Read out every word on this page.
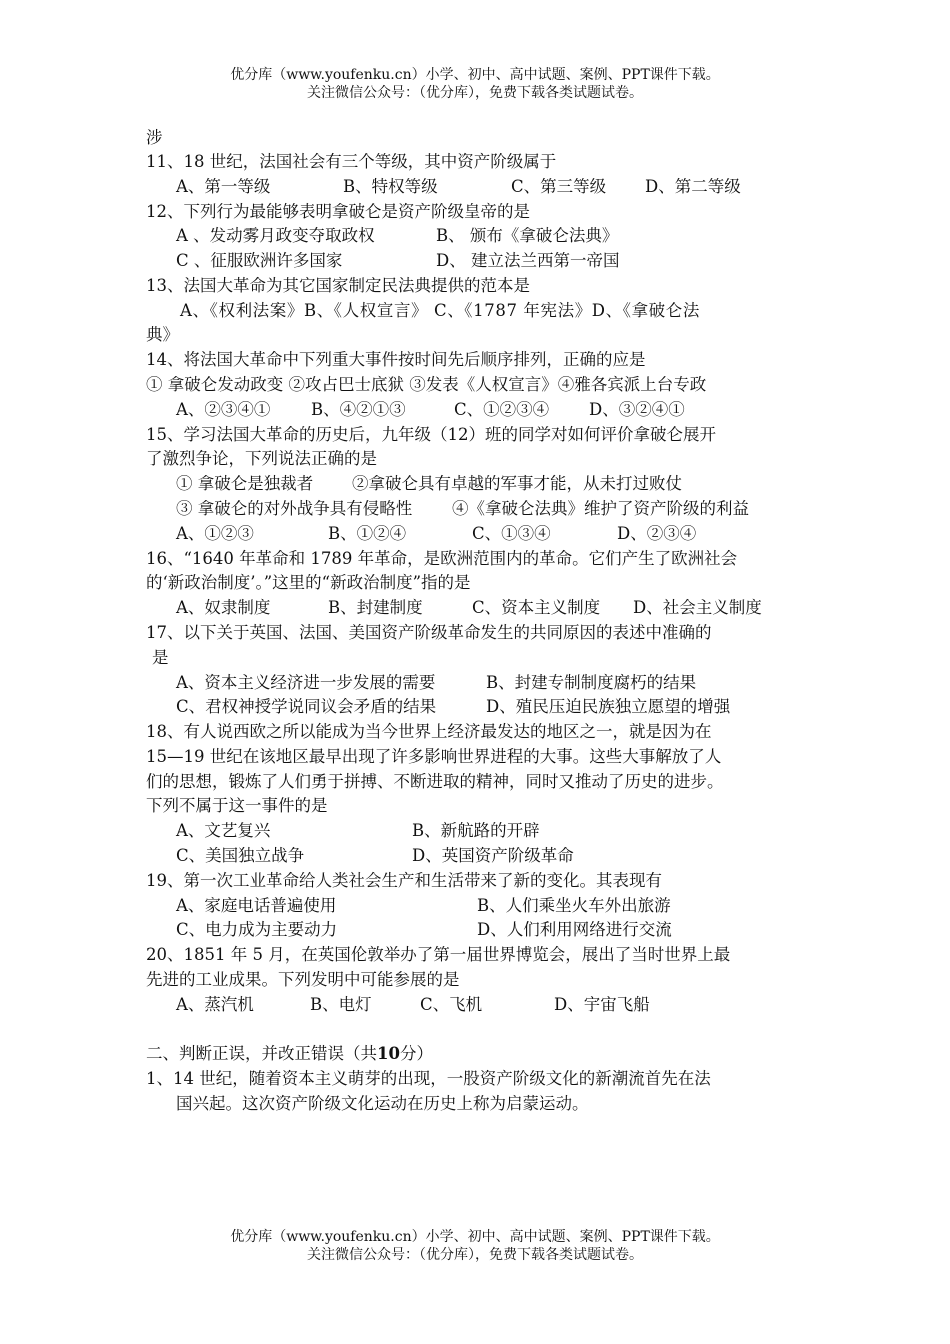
优分库（www.youfenku.cn）小学、初中、高中试题、案例、PPT课件下载。
关注微信公众号：（优分库），免费下载各类试题试卷。
涉
11、18 世纪，法国社会有三个等级，其中资产阶级属于
A、第一等级	B、特权等级	C、第三等级 D、第二等级
12、下列行为最能够表明拿破仑是资产阶级皇帝的是
A 、发动雾月政变夺取政权	B、 颁布《拿破仑法典》
C 、征服欧洲许多国家	D、 建立法兰西第一帝国
13、法国大革命为其它国家制定民法典提供的范本是
A、《权利法案》B、《人权宣言》 C、《1787 年宪法》D、《拿破仑法
典》
14、将法国大革命中下列重大事件按时间先后顺序排列，正确的应是
① 拿破仑发动政变 ②攻占巴士底狱 ③发表《人权宣言》④雅各宾派上台专政
A、②③④① B、④②①③	C、①②③④ D、③②④①
15、学习法国大革命的历史后，九年级（12）班的同学对如何评价拿破仑展开
了激烈争论，下列说法正确的是
① 拿破仑是独裁者 ②拿破仑具有卓越的军事才能，从未打过败仗
③ 拿破仑的对外战争具有侵略性 ④《拿破仑法典》维护了资产阶级的利益
A、①②③	B、①②④	C、①③④	D、②③④
16、“1640 年革命和 1789 年革命，是欧洲范围内的革命。它们产生了欧洲社会
的‘新政治制度’。”这里的“新政治制度”指的是
A、奴隶制度	B、封建制度	C、资本主义制度 D、社会主义制度
17、以下关于英国、法国、美国资产阶级革命发生的共同原因的表述中准确的
是
A、资本主义经济进一步发展的需要	B、封建专制制度腐朽的结果
C、君权神授学说同议会矛盾的结果	D、殖民压迫民族独立愿望的增强
18、有人说西欧之所以能成为当今世界上经济最发达的地区之一，就是因为在
15—19 世纪在该地区最早出现了许多影响世界进程的大事。这些大事解放了人
们的思想，锻炼了人们勇于拼搏、不断进取的精神，同时又推动了历史的进步。
下列不属于这一事件的是
A、文艺复兴	B、新航路的开辟
C、美国独立战争	D、英国资产阶级革命
19、第一次工业革命给人类社会生产和生活带来了新的变化。其表现有
A、家庭电话普遍使用	B、人们乘坐火车外出旅游
C、电力成为主要动力	D、人们利用网络进行交流
20、1851 年 5 月，在英国伦敦举办了第一届世界博览会，展出了当时世界上最
先进的工业成果。下列发明中可能参展的是
A、蒸汽机	B、电灯	C、飞机	D、宇宙飞船
二、判断正误，并改正错误（共10分）
1、14 世纪，随着资本主义萌芽的出现，一股资产阶级文化的新潮流首先在法
国兴起。这次资产阶级文化运动在历史上称为启蒙运动。
优分库（www.youfenku.cn）小学、初中、高中试题、案例、PPT课件下载。
关注微信公众号：（优分库），免费下载各类试题试卷。
